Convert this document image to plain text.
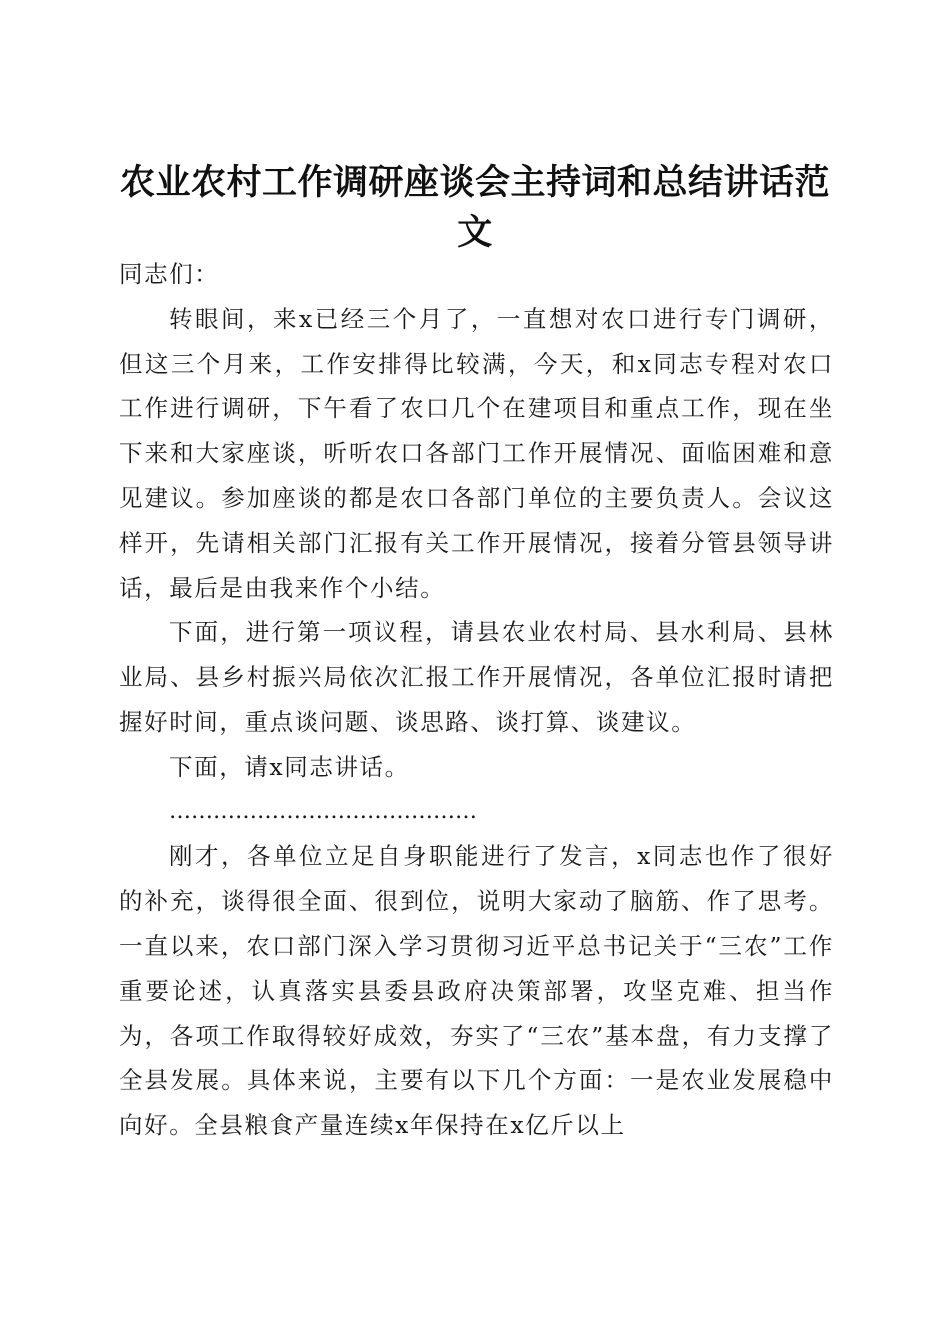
农业农村工作调研座谈会主持词和总结讲话范文

同志们：

转眼间，来x已经三个月了，一直想对农口进行专门调研，但这三个月来，工作安排得比较满，今天，和x同志专程对农口工作进行调研，下午看了农口几个在建项目和重点工作，现在坐下来和大家座谈，听听农口各部门工作开展情况、面临困难和意见建议。参加座谈的都是农口各部门单位的主要负责人。会议这样开，先请相关部门汇报有关工作开展情况，接着分管县领导讲话，最后是由我来作个小结。

下面，进行第一项议程，请县农业农村局、县水利局、县林业局、县乡村振兴局依次汇报工作开展情况，各单位汇报时请把握好时间，重点谈问题、谈思路、谈打算、谈建议。

下面，请x同志讲话。

……………………………………

刚才，各单位立足自身职能进行了发言，x同志也作了很好的补充，谈得很全面、很到位，说明大家动了脑筋、作了思考。一直以来，农口部门深入学习贯彻习近平总书记关于“三农”工作重要论述，认真落实县委县政府决策部署，攻坚克难、担当作为，各项工作取得较好成效，夯实了“三农”基本盘，有力支撑了全县发展。具体来说，主要有以下几个方面：一是农业发展稳中向好。全县粮食产量连续x年保持在x亿斤以上
